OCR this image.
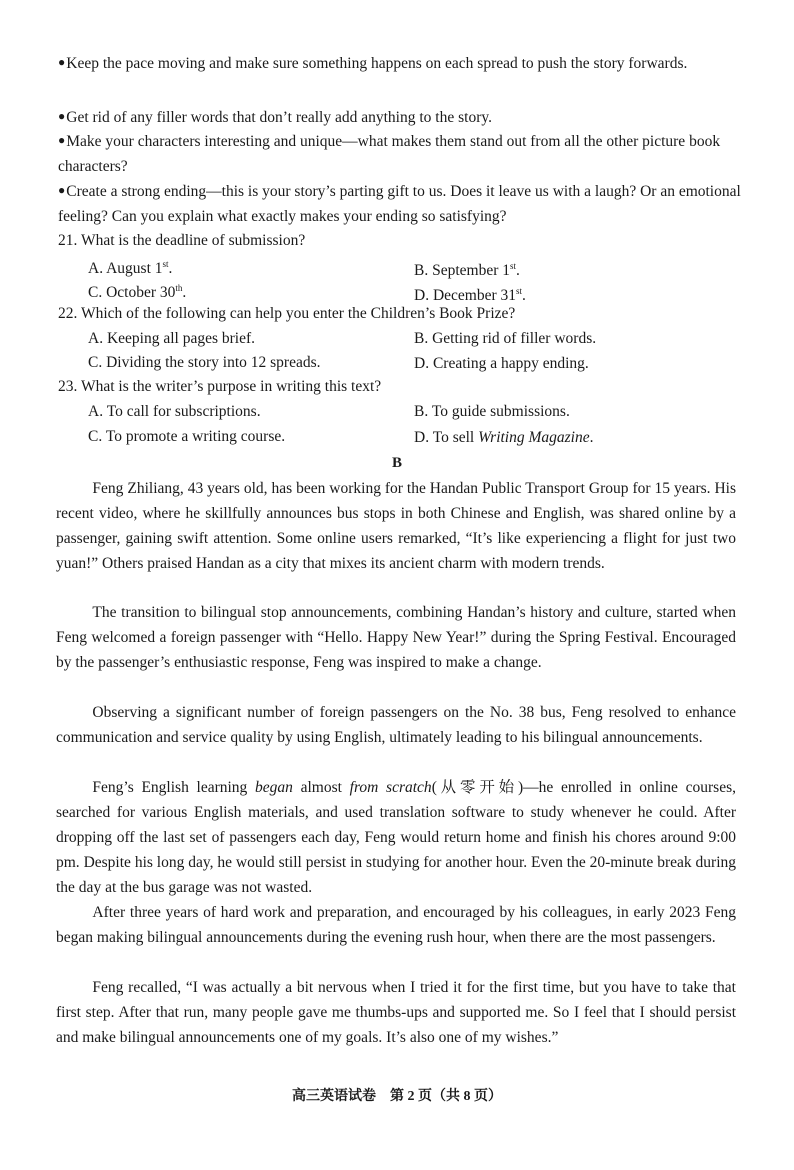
●Keep the pace moving and make sure something happens on each spread to push the story forwards.
●Get rid of any filler words that don’t really add anything to the story.
●Make your characters interesting and unique—what makes them stand out from all the other picture book characters?
●Create a strong ending—this is your story’s parting gift to us. Does it leave us with a laugh? Or an emotional feeling? Can you explain what exactly makes your ending so satisfying?
21. What is the deadline of submission?
A. August 1st.	B. September 1st.
C. October 30th.	D. December 31st.
22. Which of the following can help you enter the Children’s Book Prize?
A. Keeping all pages brief.	B. Getting rid of filler words.
C. Dividing the story into 12 spreads.	D. Creating a happy ending.
23. What is the writer’s purpose in writing this text?
A. To call for subscriptions.	B. To guide submissions.
C. To promote a writing course.	D. To sell Writing Magazine.
B

Feng Zhiliang, 43 years old, has been working for the Handan Public Transport Group for 15 years. His recent video, where he skillfully announces bus stops in both Chinese and English, was shared online by a passenger, gaining swift attention. Some online users remarked, “It’s like experiencing a flight for just two yuan!” Others praised Handan as a city that mixes its ancient charm with modern trends.

The transition to bilingual stop announcements, combining Handan’s history and culture, started when Feng welcomed a foreign passenger with “Hello. Happy New Year!” during the Spring Festival. Encouraged by the passenger’s enthusiastic response, Feng was inspired to make a change.

Observing a significant number of foreign passengers on the No. 38 bus, Feng resolved to enhance communication and service quality by using English, ultimately leading to his bilingual announcements.

Feng’s English learning began almost from scratch(从零开始)—he enrolled in online courses, searched for various English materials, and used translation software to study whenever he could. After dropping off the last set of passengers each day, Feng would return home and finish his chores around 9:00 pm. Despite his long day, he would still persist in studying for another hour. Even the 20-minute break during the day at the bus garage was not wasted.

After three years of hard work and preparation, and encouraged by his colleagues, in early 2023 Feng began making bilingual announcements during the evening rush hour, when there are the most passengers.

Feng recalled, “I was actually a bit nervous when I tried it for the first time, but you have to take that first step. After that run, many people gave me thumbs-ups and supported me. So I feel that I should persist and make bilingual announcements one of my goals. It’s also one of my wishes.”

高三英语试卷　第 2 页（共 8 页）
